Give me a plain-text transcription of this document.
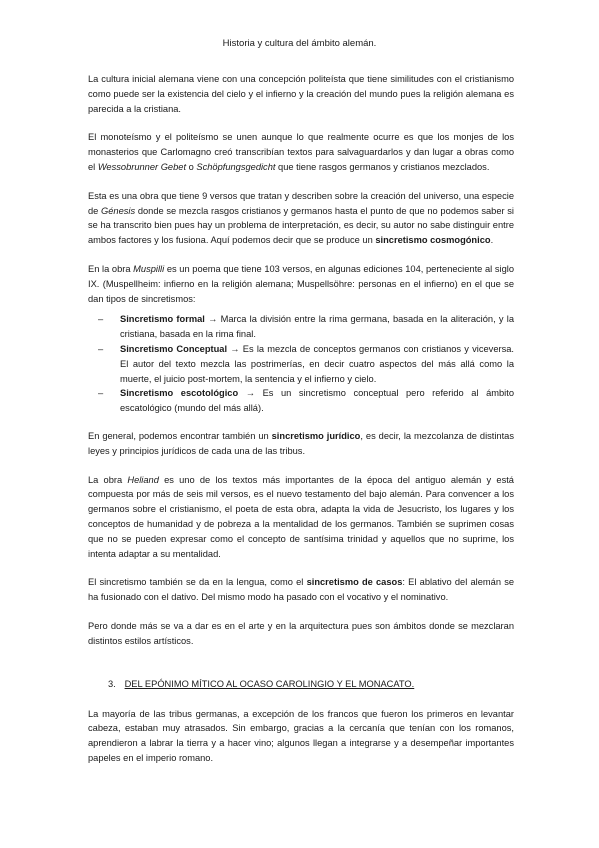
Historia y cultura del ámbito alemán.

La cultura inicial alemana viene con una concepción politeísta que tiene similitudes con el cristianismo como puede ser la existencia del cielo y el infierno y la creación del mundo pues la religión alemana es parecida a la cristiana.

El monoteísmo y el politeísmo se unen aunque lo que realmente ocurre es que los monjes de los monasterios que Carlomagno creó transcribían textos para salvaguardarlos y dan lugar a obras como el Wessobrunner Gebet o Schöpfungsgedicht que tiene rasgos germanos y cristianos mezclados.

Esta es una obra que tiene 9 versos que tratan y describen sobre la creación del universo, una especie de Génesis donde se mezcla rasgos cristianos y germanos hasta el punto de que no podemos saber si se ha transcrito bien pues hay un problema de interpretación, es decir, su autor no sabe distinguir entre ambos factores y los fusiona. Aquí podemos decir que se produce un sincretismo cosmogónico.

En la obra Muspilli es un poema que tiene 103 versos, en algunas ediciones 104, perteneciente al siglo IX. (Muspellheim: infierno en la religión alemana; Muspellsöhre: personas en el infierno) en el que se dan tipos de sincretismos:

– Sincretismo formal → Marca la división entre la rima germana, basada en la aliteración, y la cristiana, basada en la rima final.
– Sincretismo Conceptual → Es la mezcla de conceptos germanos con cristianos y viceversa. El autor del texto mezcla las postrimerías, en decir cuatro aspectos del más allá como la muerte, el juicio post-mortem, la sentencia y el infierno y cielo.
– Sincretismo escotológico → Es un sincretismo conceptual pero referido al ámbito escatológico (mundo del más allá).

En general, podemos encontrar también un sincretismo jurídico, es decir, la mezcolanza de distintas leyes y principios jurídicos de cada una de las tribus.

La obra Heliand es uno de los textos más importantes de la época del antiguo alemán y está compuesta por más de seis mil versos, es el nuevo testamento del bajo alemán. Para convencer a los germanos sobre el cristianismo, el poeta de esta obra, adapta la vida de Jesucristo, los lugares y los conceptos de humanidad y de pobreza a la mentalidad de los germanos. También se suprimen cosas que no se pueden expresar como el concepto de santísima trinidad y aquellos que no suprime, los intenta adaptar a su mentalidad.

El sincretismo también se da en la lengua, como el sincretismo de casos: El ablativo del alemán se ha fusionado con el dativo. Del mismo modo ha pasado con el vocativo y el nominativo.

Pero donde más se va a dar es en el arte y en la arquitectura pues son ámbitos donde se mezclaran distintos estilos artísticos.

3. DEL EPÓNIMO MÍTICO AL OCASO CAROLINGIO Y EL MONACATO.

La mayoría de las tribus germanas, a excepción de los francos que fueron los primeros en levantar cabeza, estaban muy atrasados. Sin embargo, gracias a la cercanía que tenían con los romanos, aprendieron a labrar la tierra y a hacer vino; algunos llegan a integrarse y a desempeñar importantes papeles en el imperio romano.
